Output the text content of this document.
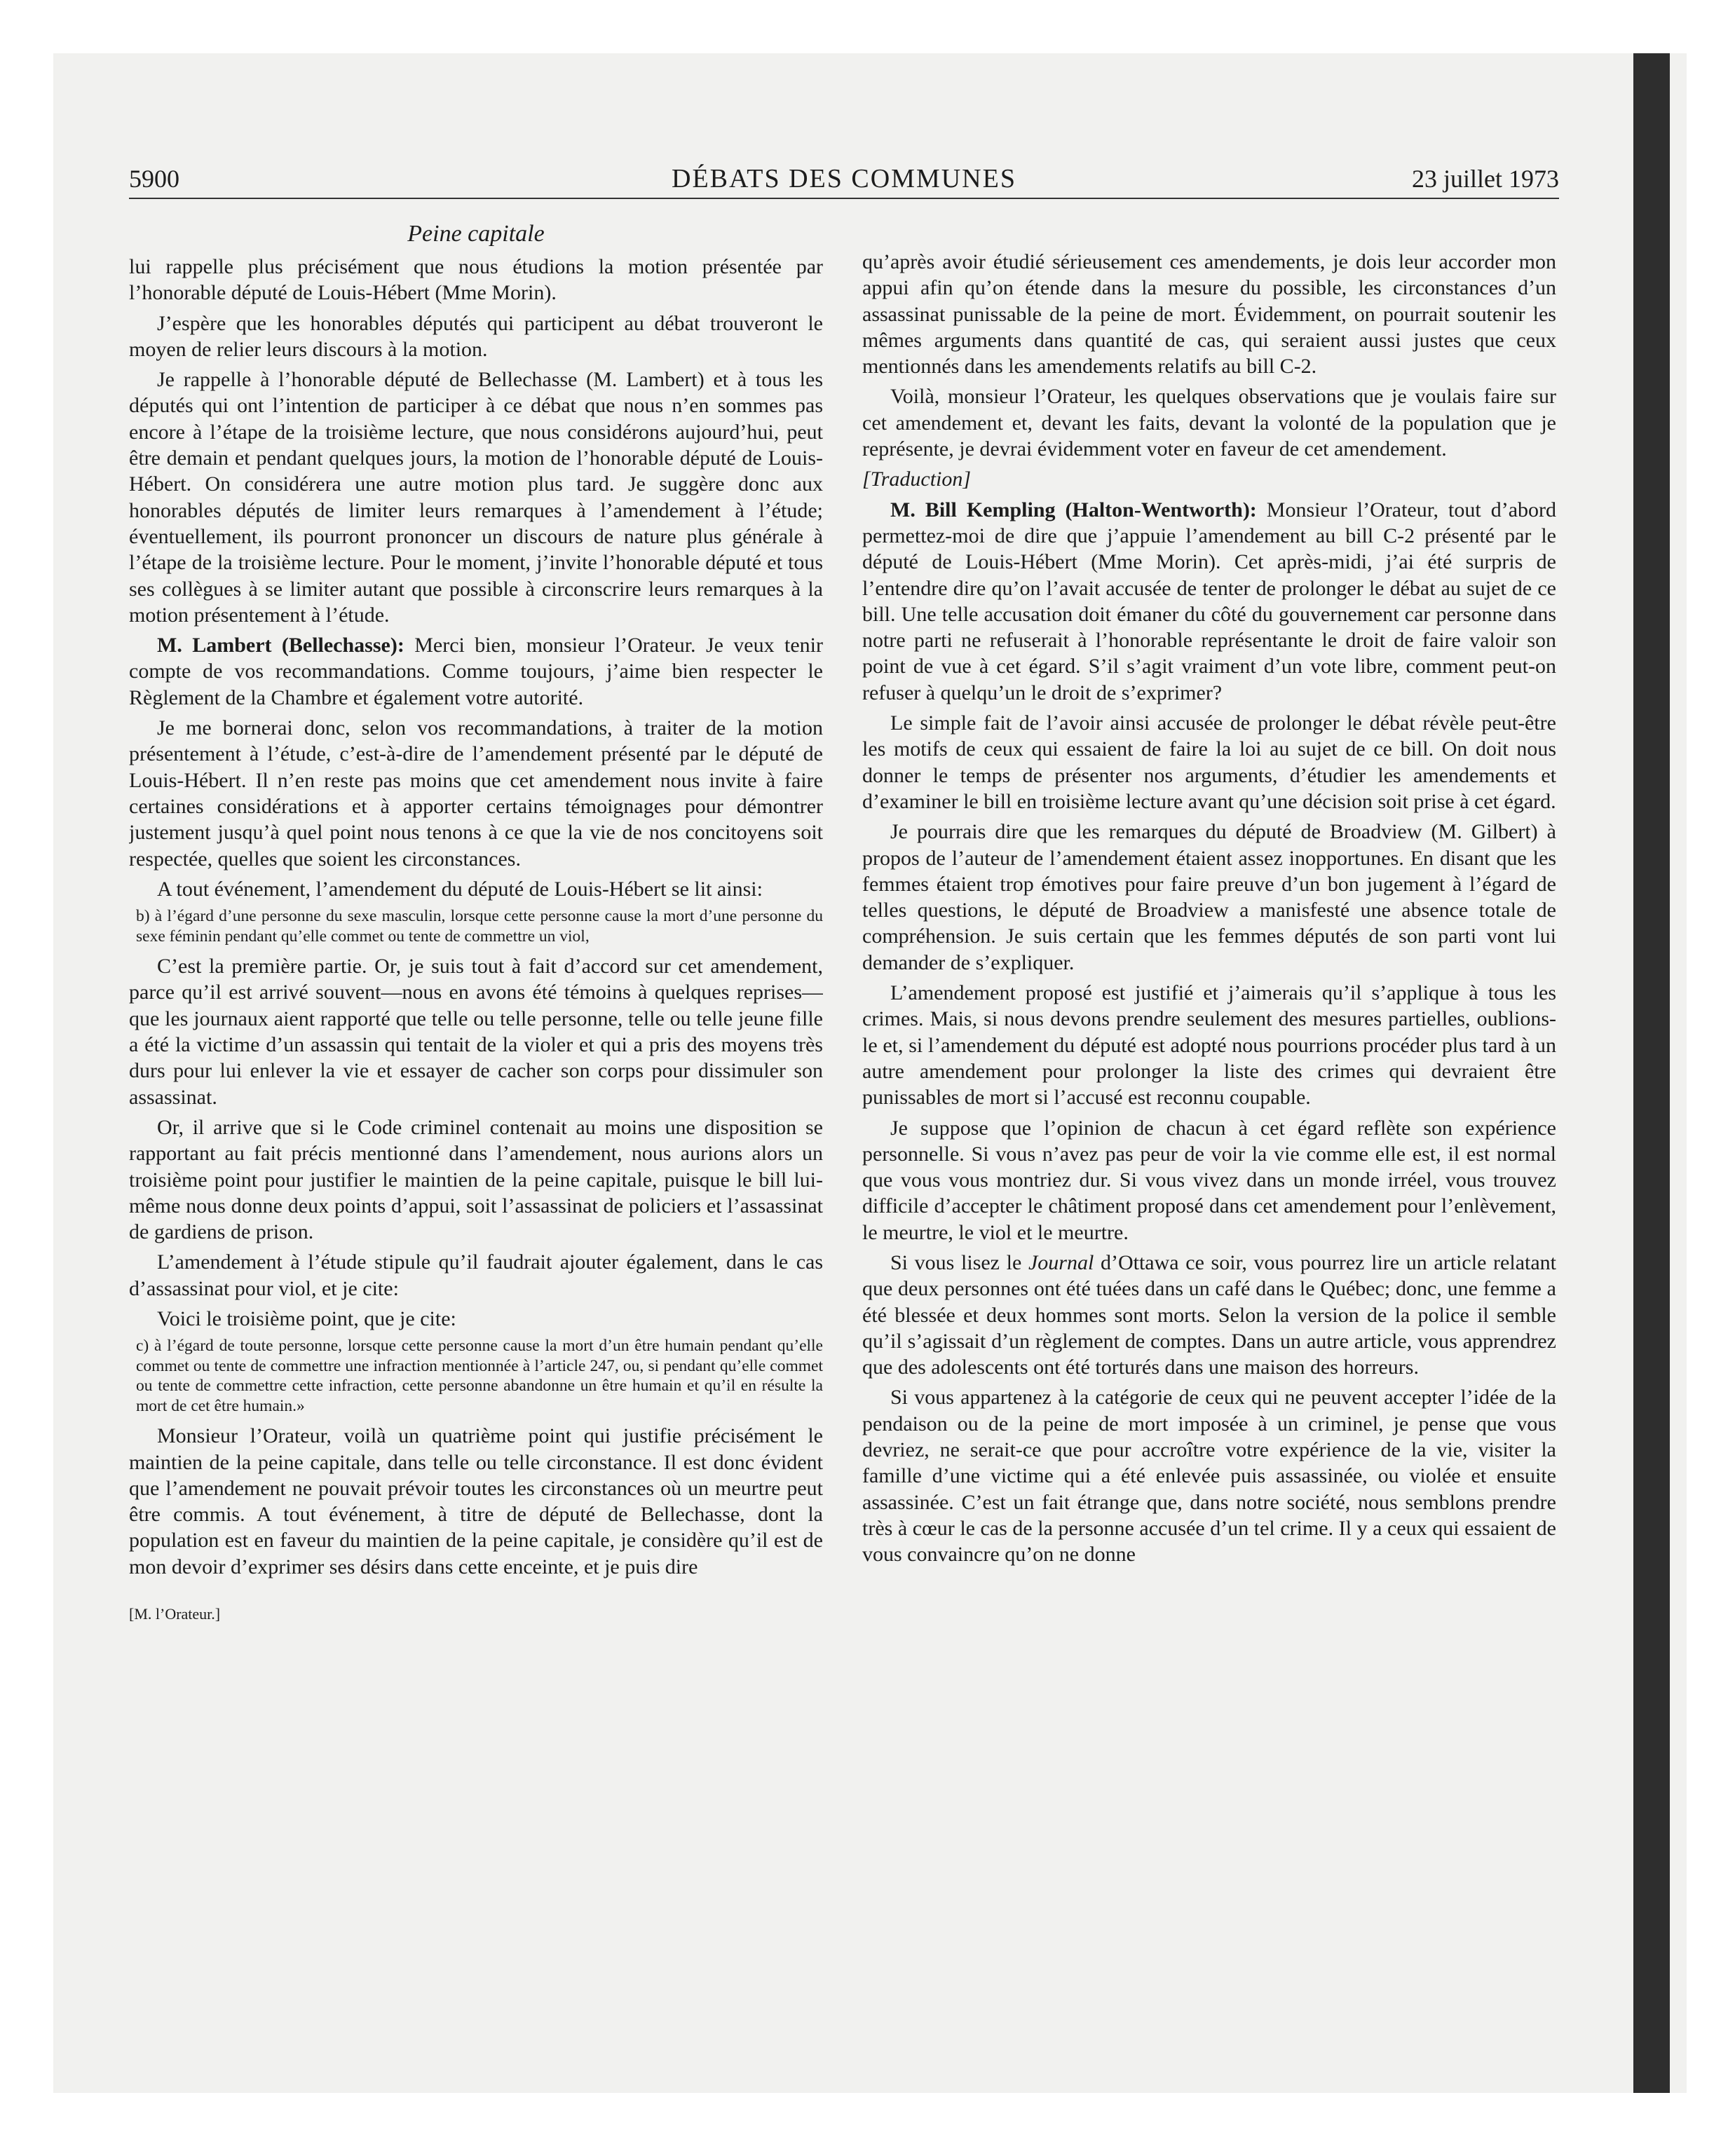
5900	DÉBATS DES COMMUNES	23 juillet 1973
Peine capitale

lui rappelle plus précisément que nous étudions la motion présentée par l’honorable député de Louis-Hébert (Mme Morin).

J’espère que les honorables députés qui participent au débat trouveront le moyen de relier leurs discours à la motion.

Je rappelle à l’honorable député de Bellechasse (M. Lambert) et à tous les députés qui ont l’intention de participer à ce débat que nous n’en sommes pas encore à l’étape de la troisième lecture, que nous considérons aujourd’hui, peut être demain et pendant quelques jours, la motion de l’honorable député de Louis-Hébert. On considérera une autre motion plus tard. Je suggère donc aux honorables députés de limiter leurs remarques à l’amendement à l’étude; éventuellement, ils pourront prononcer un discours de nature plus générale à l’étape de la troisième lecture. Pour le moment, j’invite l’honorable député et tous ses collègues à se limiter autant que possible à circonscrire leurs remarques à la motion présentement à l’étude.

M. Lambert (Bellechasse): Merci bien, monsieur l’Orateur. Je veux tenir compte de vos recommandations. Comme toujours, j’aime bien respecter le Règlement de la Chambre et également votre autorité.

Je me bornerai donc, selon vos recommandations, à traiter de la motion présentement à l’étude, c’est-à-dire de l’amendement présenté par le député de Louis-Hébert. Il n’en reste pas moins que cet amendement nous invite à faire certaines considérations et à apporter certains témoignages pour démontrer justement jusqu’à quel point nous tenons à ce que la vie de nos concitoyens soit respectée, quelles que soient les circonstances.

A tout événement, l’amendement du député de Louis-Hébert se lit ainsi:

b) à l’égard d’une personne du sexe masculin, lorsque cette personne cause la mort d’une personne du sexe féminin pendant qu’elle commet ou tente de commettre un viol,

C’est la première partie. Or, je suis tout à fait d’accord sur cet amendement, parce qu’il est arrivé souvent—nous en avons été témoins à quelques reprises—que les journaux aient rapporté que telle ou telle personne, telle ou telle jeune fille a été la victime d’un assassin qui tentait de la violer et qui a pris des moyens très durs pour lui enlever la vie et essayer de cacher son corps pour dissimuler son assassinat.

Or, il arrive que si le Code criminel contenait au moins une disposition se rapportant au fait précis mentionné dans l’amendement, nous aurions alors un troisième point pour justifier le maintien de la peine capitale, puisque le bill lui-même nous donne deux points d’appui, soit l’assassinat de policiers et l’assassinat de gardiens de prison.

L’amendement à l’étude stipule qu’il faudrait ajouter également, dans le cas d’assassinat pour viol, et je cite:

Voici le troisième point, que je cite:

c) à l’égard de toute personne, lorsque cette personne cause la mort d’un être humain pendant qu’elle commet ou tente de commettre une infraction mentionnée à l’article 247, ou, si pendant qu’elle commet ou tente de commettre cette infraction, cette personne abandonne un être humain et qu’il en résulte la mort de cet être humain.»

Monsieur l’Orateur, voilà un quatrième point qui justifie précisément le maintien de la peine capitale, dans telle ou telle circonstance. Il est donc évident que l’amendement ne pouvait prévoir toutes les circonstances où un meurtre peut être commis. A tout événement, à titre de député de Bellechasse, dont la population est en faveur du maintien de la peine capitale, je considère qu’il est de mon devoir d’exprimer ses désirs dans cette enceinte, et je puis dire

[M. l’Orateur.]

qu’après avoir étudié sérieusement ces amendements, je dois leur accorder mon appui afin qu’on étende dans la mesure du possible, les circonstances d’un assassinat punissable de la peine de mort. Évidemment, on pourrait soutenir les mêmes arguments dans quantité de cas, qui seraient aussi justes que ceux mentionnés dans les amendements relatifs au bill C-2.

Voilà, monsieur l’Orateur, les quelques observations que je voulais faire sur cet amendement et, devant les faits, devant la volonté de la population que je représente, je devrai évidemment voter en faveur de cet amendement.

[Traduction]

M. Bill Kempling (Halton-Wentworth): Monsieur l’Orateur, tout d’abord permettez-moi de dire que j’appuie l’amendement au bill C-2 présenté par le député de Louis-Hébert (Mme Morin). Cet après-midi, j’ai été surpris de l’entendre dire qu’on l’avait accusée de tenter de prolonger le débat au sujet de ce bill. Une telle accusation doit émaner du côté du gouvernement car personne dans notre parti ne refuserait à l’honorable représentante le droit de faire valoir son point de vue à cet égard. S’il s’agit vraiment d’un vote libre, comment peut-on refuser à quelqu’un le droit de s’exprimer?

Le simple fait de l’avoir ainsi accusée de prolonger le débat révèle peut-être les motifs de ceux qui essaient de faire la loi au sujet de ce bill. On doit nous donner le temps de présenter nos arguments, d’étudier les amendements et d’examiner le bill en troisième lecture avant qu’une décision soit prise à cet égard.

Je pourrais dire que les remarques du député de Broadview (M. Gilbert) à propos de l’auteur de l’amendement étaient assez inopportunes. En disant que les femmes étaient trop émotives pour faire preuve d’un bon jugement à l’égard de telles questions, le député de Broadview a manisfesté une absence totale de compréhension. Je suis certain que les femmes députés de son parti vont lui demander de s’expliquer.

L’amendement proposé est justifié et j’aimerais qu’il s’applique à tous les crimes. Mais, si nous devons prendre seulement des mesures partielles, oublions-le et, si l’amendement du député est adopté nous pourrions procéder plus tard à un autre amendement pour prolonger la liste des crimes qui devraient être punissables de mort si l’accusé est reconnu coupable.

Je suppose que l’opinion de chacun à cet égard reflète son expérience personnelle. Si vous n’avez pas peur de voir la vie comme elle est, il est normal que vous vous montriez dur. Si vous vivez dans un monde irréel, vous trouvez difficile d’accepter le châtiment proposé dans cet amendement pour l’enlèvement, le meurtre, le viol et le meurtre.

Si vous lisez le Journal d’Ottawa ce soir, vous pourrez lire un article relatant que deux personnes ont été tuées dans un café dans le Québec; donc, une femme a été blessée et deux hommes sont morts. Selon la version de la police il semble qu’il s’agissait d’un règlement de comptes. Dans un autre article, vous apprendrez que des adolescents ont été torturés dans une maison des horreurs.

Si vous appartenez à la catégorie de ceux qui ne peuvent accepter l’idée de la pendaison ou de la peine de mort imposée à un criminel, je pense que vous devriez, ne serait-ce que pour accroître votre expérience de la vie, visiter la famille d’une victime qui a été enlevée puis assassinée, ou violée et ensuite assassinée. C’est un fait étrange que, dans notre société, nous semblons prendre très à cœur le cas de la personne accusée d’un tel crime. Il y a ceux qui essaient de vous convaincre qu’on ne donne
